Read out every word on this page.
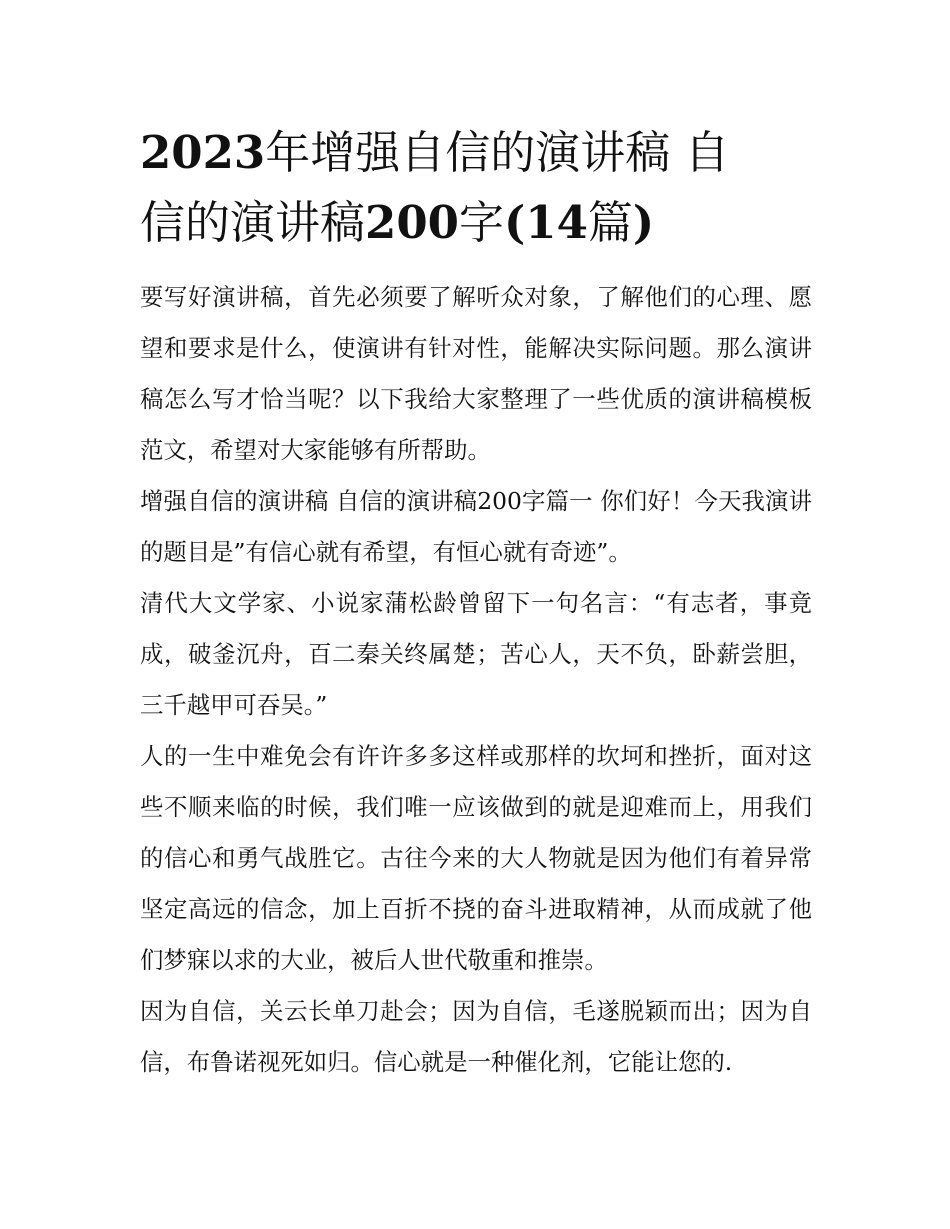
2023年增强自信的演讲稿 自
信的演讲稿200字(14篇)

要写好演讲稿，首先必须要了解听众对象，了解他们的心理、愿望和要求是什么，使演讲有针对性，能解决实际问题。那么演讲稿怎么写才恰当呢？以下我给大家整理了一些优质的演讲稿模板范文，希望对大家能够有所帮助。

增强自信的演讲稿 自信的演讲稿200字篇一 你们好！今天我演讲的题目是”有信心就有希望，有恒心就有奇迹”。

清代大文学家、小说家蒲松龄曾留下一句名言：“有志者，事竟成，破釜沉舟，百二秦关终属楚；苦心人，天不负，卧薪尝胆，三千越甲可吞吴。”

人的一生中难免会有许许多多这样或那样的坎坷和挫折，面对这些不顺来临的时候，我们唯一应该做到的就是迎难而上，用我们的信心和勇气战胜它。古往今来的大人物就是因为他们有着异常坚定高远的信念，加上百折不挠的奋斗进取精神，从而成就了他们梦寐以求的大业，被后人世代敬重和推崇。

因为自信，关云长单刀赴会；因为自信，毛遂脱颖而出；因为自信，布鲁诺视死如归。信心就是一种催化剂，它能让您的.
